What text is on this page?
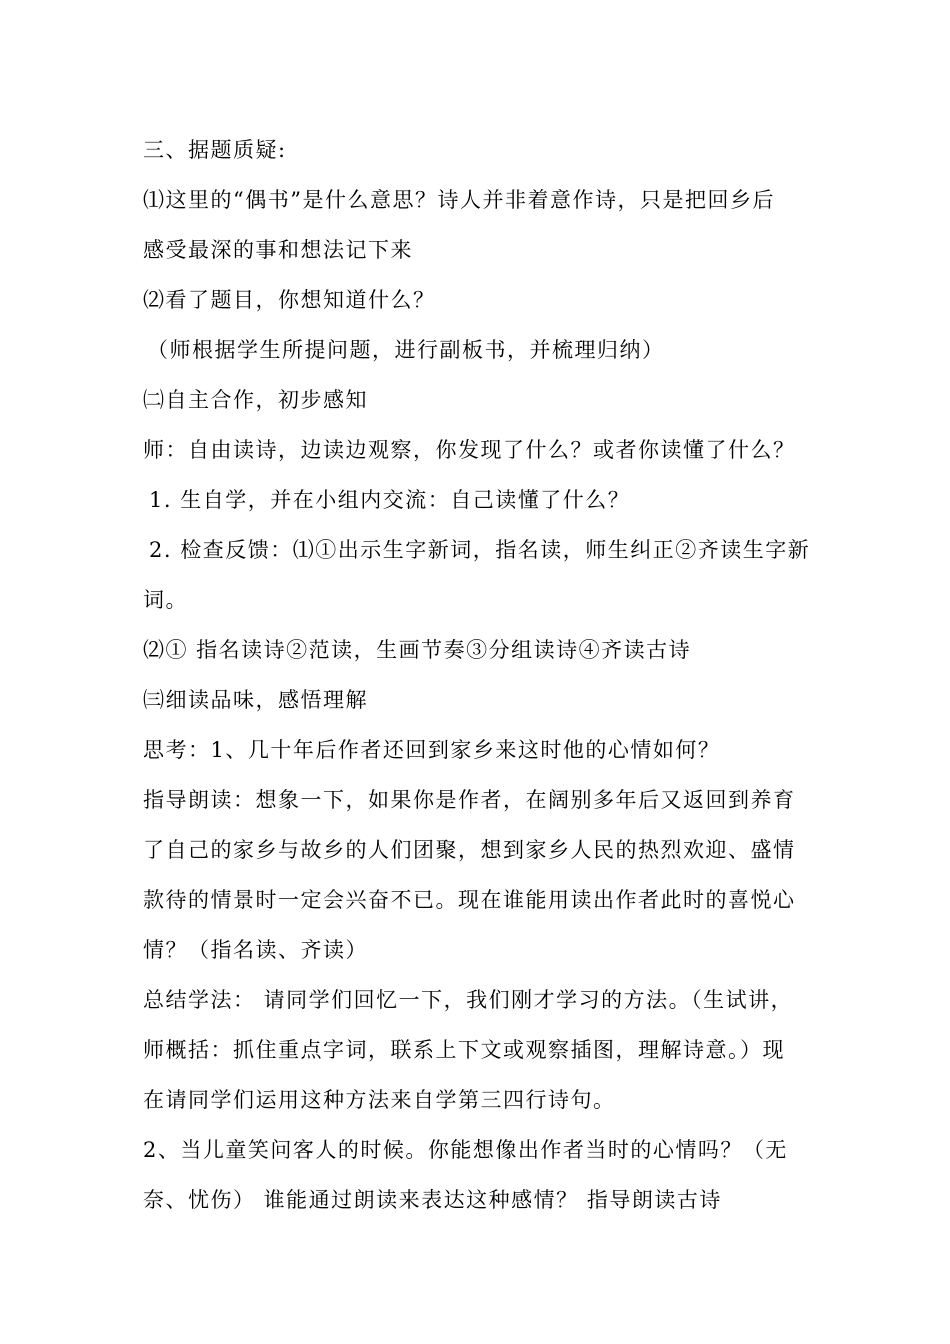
三、据题质疑:
⑴这里的“偶书”是什么意思？诗人并非着意作诗，只是把回乡后
感受最深的事和想法记下来
⑵看了题目，你想知道什么？
（师根据学生所提问题，进行副板书，并梳理归纳）
㈡自主合作，初步感知
师：自由读诗，边读边观察，你发现了什么？或者你读懂了什么？
1. 生自学，并在小组内交流：自己读懂了什么？
2. 检查反馈：⑴①出示生字新词，指名读，师生纠正②齐读生字新
词。
⑵① 指名读诗②范读，生画节奏③分组读诗④齐读古诗
㈢细读品味，感悟理解
思考：1、几十年后作者还回到家乡来这时他的心情如何？
指导朗读：想象一下，如果你是作者，在阔别多年后又返回到养育
了自己的家乡与故乡的人们团聚，想到家乡人民的热烈欢迎、盛情
款待的情景时一定会兴奋不已。现在谁能用读出作者此时的喜悦心
情？（指名读、齐读）
总结学法： 请同学们回忆一下，我们刚才学习的方法。（生试讲，
师概括：抓住重点字词，联系上下文或观察插图，理解诗意。）现
在请同学们运用这种方法来自学第三四行诗句。
2、当儿童笑问客人的时候。你能想像出作者当时的心情吗？（无
奈、忧伤） 谁能通过朗读来表达这种感情？ 指导朗读古诗
